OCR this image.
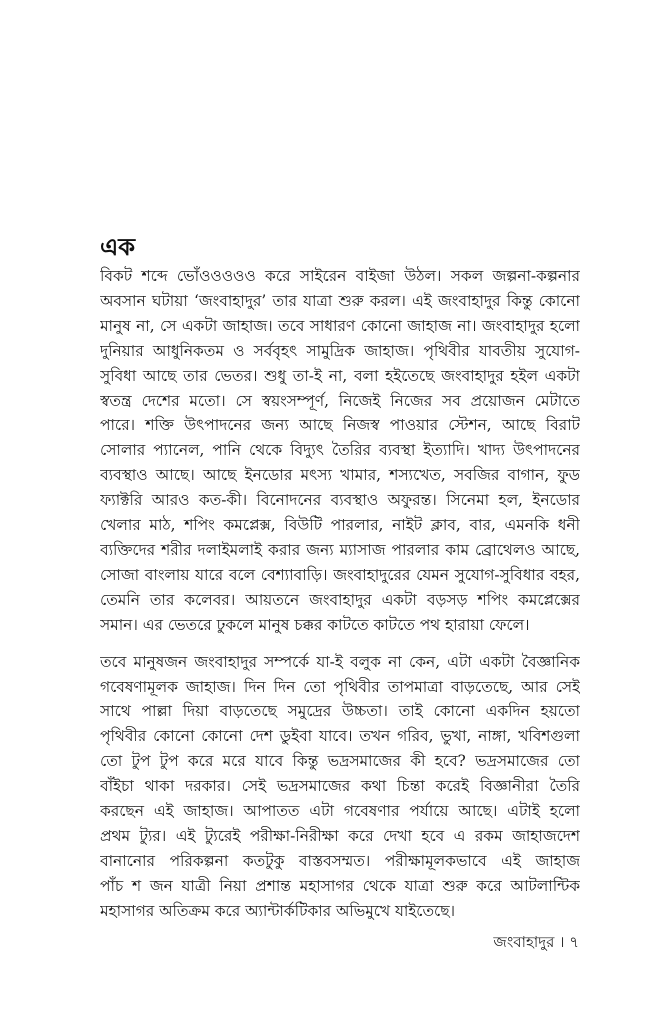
এক

বিকট শব্দে ভোঁওওওওও করে সাইরেন বাইজা উঠল। সকল জল্পনা-কল্পনার
অবসান ঘটায়া ‘জংবাহাদুর’ তার যাত্রা শুরু করল। এই জংবাহাদুর কিন্তু কোনো
মানুষ না, সে একটা জাহাজ। তবে সাধারণ কোনো জাহাজ না। জংবাহাদুর হলো
দুনিয়ার আধুনিকতম ও সর্ববৃহৎ সামুদ্রিক জাহাজ। পৃথিবীর যাবতীয় সুযোগ-
সুবিধা আছে তার ভেতর। শুধু তা-ই না, বলা হইতেছে জংবাহাদুর হইল একটা
স্বতন্ত্র দেশের মতো। সে স্বয়ংসম্পূর্ণ, নিজেই নিজের সব প্রয়োজন মেটাতে
পারে। শক্তি উৎপাদনের জন্য আছে নিজস্ব পাওয়ার স্টেশন, আছে বিরাট
সোলার প্যানেল, পানি থেকে বিদ্যুৎ তৈরির ব্যবস্থা ইত্যাদি। খাদ্য উৎপাদনের
ব্যবস্থাও আছে। আছে ইনডোর মৎস্য খামার, শস্যখেত, সবজির বাগান, ফুড
ফ্যাক্টরি আরও কত-কী। বিনোদনের ব্যবস্থাও অফুরন্ত। সিনেমা হল, ইনডোর
খেলার মাঠ, শপিং কমপ্লেক্স, বিউটি পারলার, নাইট ক্লাব, বার, এমনকি ধনী
ব্যক্তিদের শরীর দলাইমলাই করার জন্য ম্যাসাজ পারলার কাম ব্রোথেলও আছে,
সোজা বাংলায় যারে বলে বেশ্যাবাড়ি। জংবাহাদুরের যেমন সুযোগ-সুবিধার বহর,
তেমনি তার কলেবর। আয়তনে জংবাহাদুর একটা বড়সড় শপিং কমপ্লেক্সের
সমান। এর ভেতরে ঢুকলে মানুষ চক্কর কাটতে কাটতে পথ হারায়া ফেলে।

তবে মানুষজন জংবাহাদুর সম্পর্কে যা-ই বলুক না কেন, এটা একটা বৈজ্ঞানিক
গবেষণামূলক জাহাজ। দিন দিন তো পৃথিবীর তাপমাত্রা বাড়তেছে, আর সেই
সাথে পাল্লা দিয়া বাড়তেছে সমুদ্রের উচ্চতা। তাই কোনো একদিন হয়তো
পৃথিবীর কোনো কোনো দেশ ডুইবা যাবে। তখন গরিব, ভুখা, নাঙ্গা, খবিশগুলা
তো টুপ টুপ করে মরে যাবে কিন্তু ভদ্রসমাজের কী হবে? ভদ্রসমাজের তো
বাঁইচা থাকা দরকার। সেই ভদ্রসমাজের কথা চিন্তা করেই বিজ্ঞানীরা তৈরি
করছেন এই জাহাজ। আপাতত এটা গবেষণার পর্যায়ে আছে। এটাই হলো
প্রথম ট্যুর। এই ট্যুরেই পরীক্ষা-নিরীক্ষা করে দেখা হবে এ রকম জাহাজদেশ
বানানোর পরিকল্পনা কতটুকু বাস্তবসম্মত। পরীক্ষামূলকভাবে এই জাহাজ
পাঁচ শ জন যাত্রী নিয়া প্রশান্ত মহাসাগর থেকে যাত্রা শুরু করে আটলান্টিক
মহাসাগর অতিক্রম করে অ্যান্টার্কটিকার অভিমুখে যাইতেছে।

জংবাহাদুর । ৭
